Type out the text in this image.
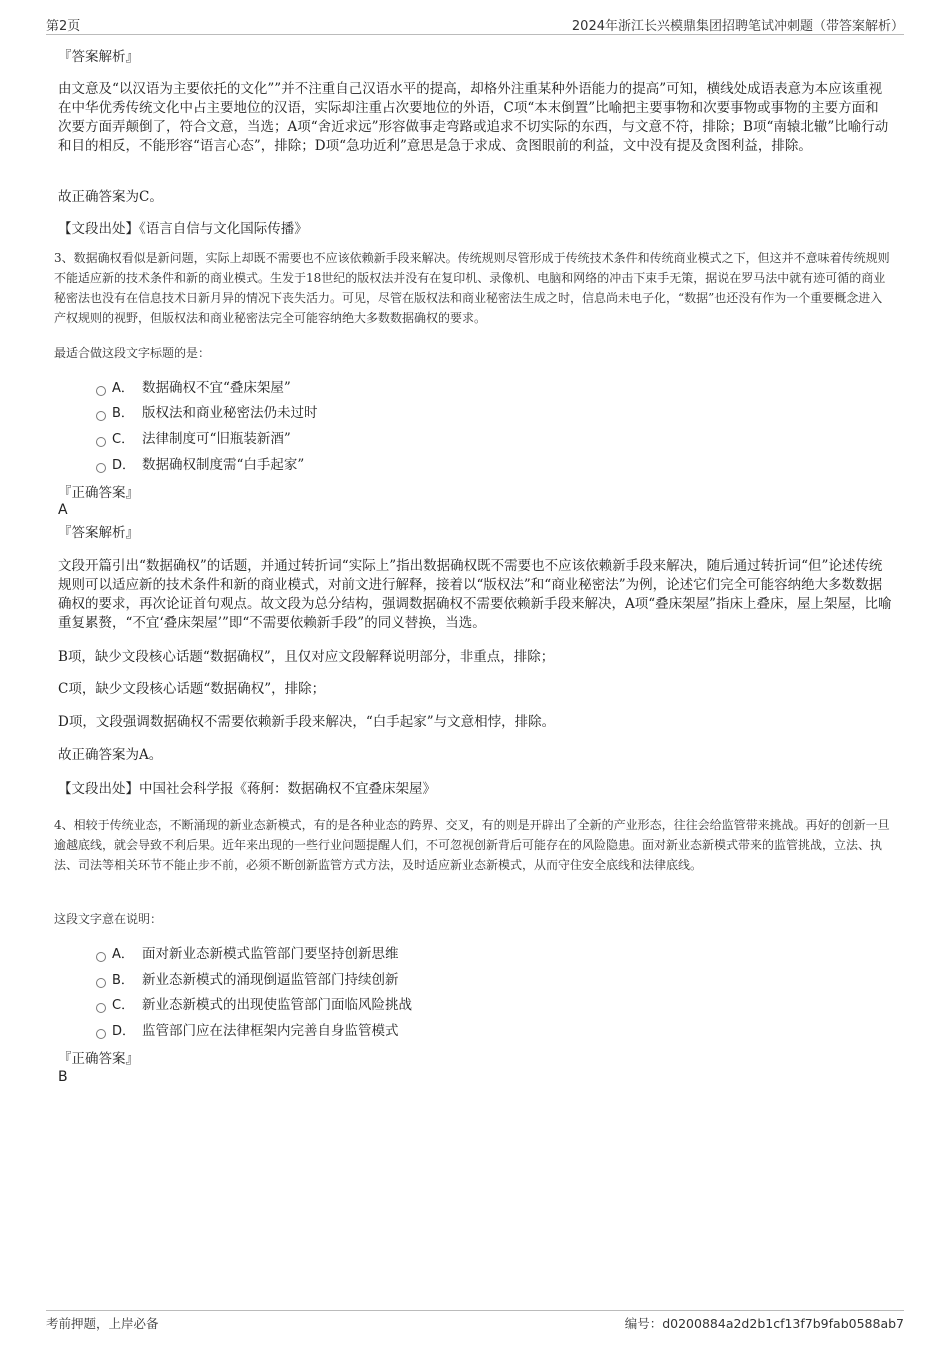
第2页	2024年浙江长兴模鼎集团招聘笔试冲刺题（带答案解析）
『答案解析』
由文意及“以汉语为主要依托的文化””并不注重自己汉语水平的提高，却格外注重某种外语能力的提高”可知，横线处成语表意为本应该重视在中华优秀传统文化中占主要地位的汉语，实际却注重占次要地位的外语，C项“本末倒置”比喻把主要事物和次要事物或事物的主要方面和次要方面弄颠倒了，符合文意，当选；A项“舍近求远”形容做事走弯路或追求不切实际的东西，与文意不符，排除；B项“南辕北辙”比喻行动和目的相反，不能形容“语言心态”，排除；D项“急功近利”意思是急于求成、贪图眼前的利益，文中没有提及贪图利益，排除。
故正确答案为C。
【文段出处】《语言自信与文化国际传播》
3、数据确权看似是新问题，实际上却既不需要也不应该依赖新手段来解决。传统规则尽管形成于传统技术条件和传统商业模式之下，但这并不意味着传统规则不能适应新的技术条件和新的商业模式。生发于18世纪的版权法并没有在复印机、录像机、电脑和网络的冲击下束手无策，据说在罗马法中就有迹可循的商业秘密法也没有在信息技术日新月异的情况下丧失活力。可见，尽管在版权法和商业秘密法生成之时，信息尚未电子化，“数据”也还没有作为一个重要概念进入产权规则的视野，但版权法和商业秘密法完全可能容纳绝大多数数据确权的要求。
最适合做这段文字标题的是：
A． 数据确权不宜“叠床架屋”
B． 版权法和商业秘密法仍未过时
C． 法律制度可“旧瓶装新酒”
D． 数据确权制度需“白手起家”
『正确答案』
A
『答案解析』
文段开篇引出“数据确权”的话题，并通过转折词“实际上”指出数据确权既不需要也不应该依赖新手段来解决，随后通过转折词“但”论述传统规则可以适应新的技术条件和新的商业模式，对前文进行解释，接着以“版权法”和“商业秘密法”为例，论述它们完全可能容纳绝大多数数据确权的要求，再次论证首句观点。故文段为总分结构，强调数据确权不需要依赖新手段来解决，A项“叠床架屋”指床上叠床，屋上架屋，比喻重复累赘，“不宜‘叠床架屋’”即“不需要依赖新手段”的同义替换，当选。
B项，缺少文段核心话题“数据确权”，且仅对应文段解释说明部分，非重点，排除；
C项，缺少文段核心话题“数据确权”，排除；
D项，文段强调数据确权不需要依赖新手段来解决，“白手起家”与文意相悖，排除。
故正确答案为A。
【文段出处】中国社会科学报《蒋舸：数据确权不宜叠床架屋》
4、相较于传统业态，不断涌现的新业态新模式，有的是各种业态的跨界、交叉，有的则是开辟出了全新的产业形态，往往会给监管带来挑战。再好的创新一旦逾越底线，就会导致不利后果。近年来出现的一些行业问题提醒人们，不可忽视创新背后可能存在的风险隐患。面对新业态新模式带来的监管挑战，立法、执法、司法等相关环节不能止步不前，必须不断创新监管方式方法，及时适应新业态新模式，从而守住安全底线和法律底线。
这段文字意在说明：
A． 面对新业态新模式监管部门要坚持创新思维
B． 新业态新模式的涌现倒逼监管部门持续创新
C． 新业态新模式的出现使监管部门面临风险挑战
D． 监管部门应在法律框架内完善自身监管模式
『正确答案』
B
考前押题，上岸必备	编号：d0200884a2d2b1cf13f7b9fab0588ab7
